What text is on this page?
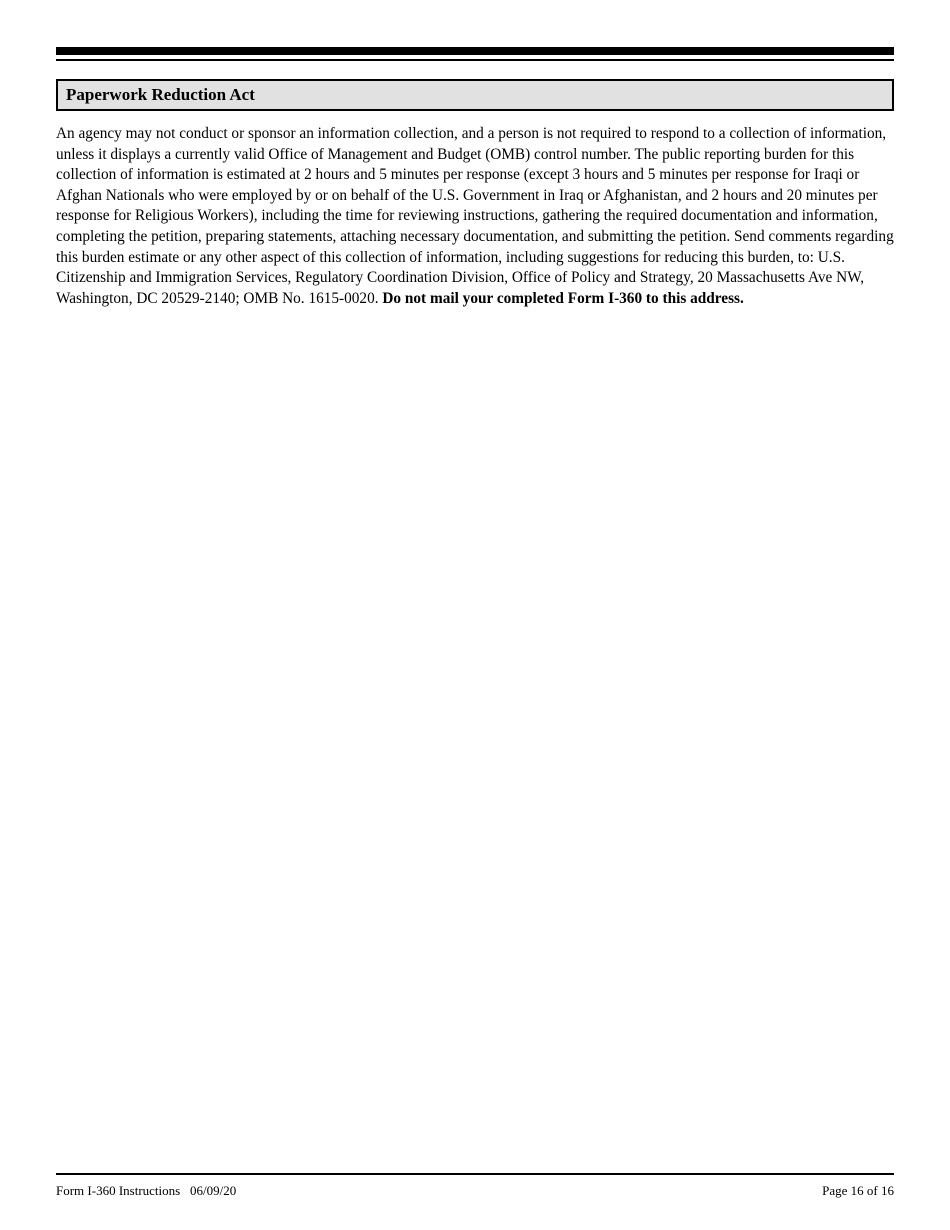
Paperwork Reduction Act

An agency may not conduct or sponsor an information collection, and a person is not required to respond to a collection of information, unless it displays a currently valid Office of Management and Budget (OMB) control number. The public reporting burden for this collection of information is estimated at 2 hours and 5 minutes per response (except 3 hours and 5 minutes per response for Iraqi or Afghan Nationals who were employed by or on behalf of the U.S. Government in Iraq or Afghanistan, and 2 hours and 20 minutes per response for Religious Workers), including the time for reviewing instructions, gathering the required documentation and information, completing the petition, preparing statements, attaching necessary documentation, and submitting the petition. Send comments regarding this burden estimate or any other aspect of this collection of information, including suggestions for reducing this burden, to: U.S. Citizenship and Immigration Services, Regulatory Coordination Division, Office of Policy and Strategy, 20 Massachusetts Ave NW, Washington, DC 20529-2140; OMB No. 1615-0020. Do not mail your completed Form I-360 to this address.

Form I-360 Instructions 06/09/20	Page 16 of 16
